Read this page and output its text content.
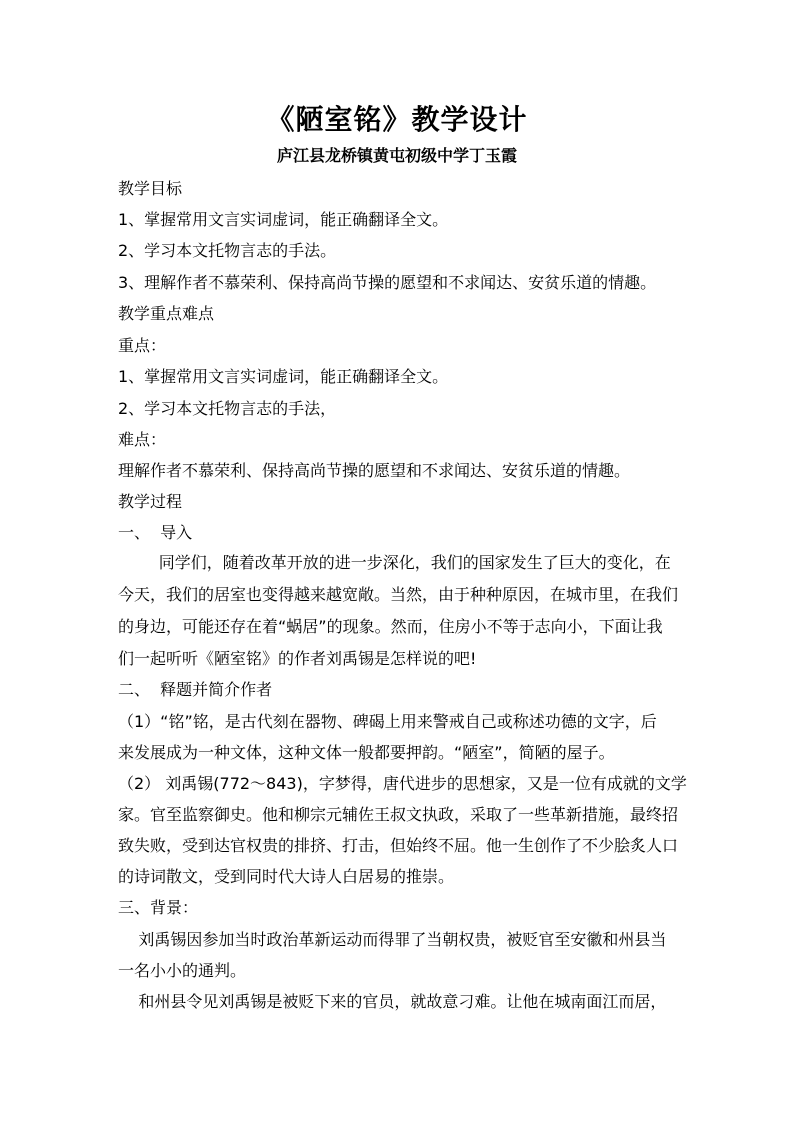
《陋室铭》教学设计
庐江县龙桥镇黄屯初级中学丁玉霞
教学目标
1、掌握常用文言实词虚词，能正确翻译全文。
2、学习本文托物言志的手法。
3、理解作者不慕荣利、保持高尚节操的愿望和不求闻达、安贫乐道的情趣。
教学重点难点
重点：
1、掌握常用文言实词虚词，能正确翻译全文。
2、学习本文托物言志的手法，
难点：
理解作者不慕荣利、保持高尚节操的愿望和不求闻达、安贫乐道的情趣。
教学过程
一、  导入
同学们，随着改革开放的进一步深化，我们的国家发生了巨大的变化，在
今天，我们的居室也变得越来越宽敞。当然，由于种种原因，在城市里，在我们
的身边，可能还存在着“蜗居”的现象。然而，住房小不等于志向小，下面让我
们一起听听《陋室铭》的作者刘禹锡是怎样说的吧!
二、  释题并简介作者
（1）“铭”铭，是古代刻在器物、碑碣上用来警戒自己或称述功德的文字，后
来发展成为一种文体，这种文体一般都要押韵。“陋室”，简陋的屋子。
（2） 刘禹锡(772～843)，字梦得，唐代进步的思想家，又是一位有成就的文学
家。官至监察御史。他和柳宗元辅佐王叔文执政，采取了一些革新措施，最终招
致失败，受到达官权贵的排挤、打击，但始终不屈。他一生创作了不少脍炙人口
的诗词散文，受到同时代大诗人白居易的推崇。
三、背景：
刘禹锡因参加当时政治革新运动而得罪了当朝权贵，被贬官至安徽和州县当
一名小小的通判。
和州县令见刘禹锡是被贬下来的官员，就故意刁难。让他在城南面江而居，
